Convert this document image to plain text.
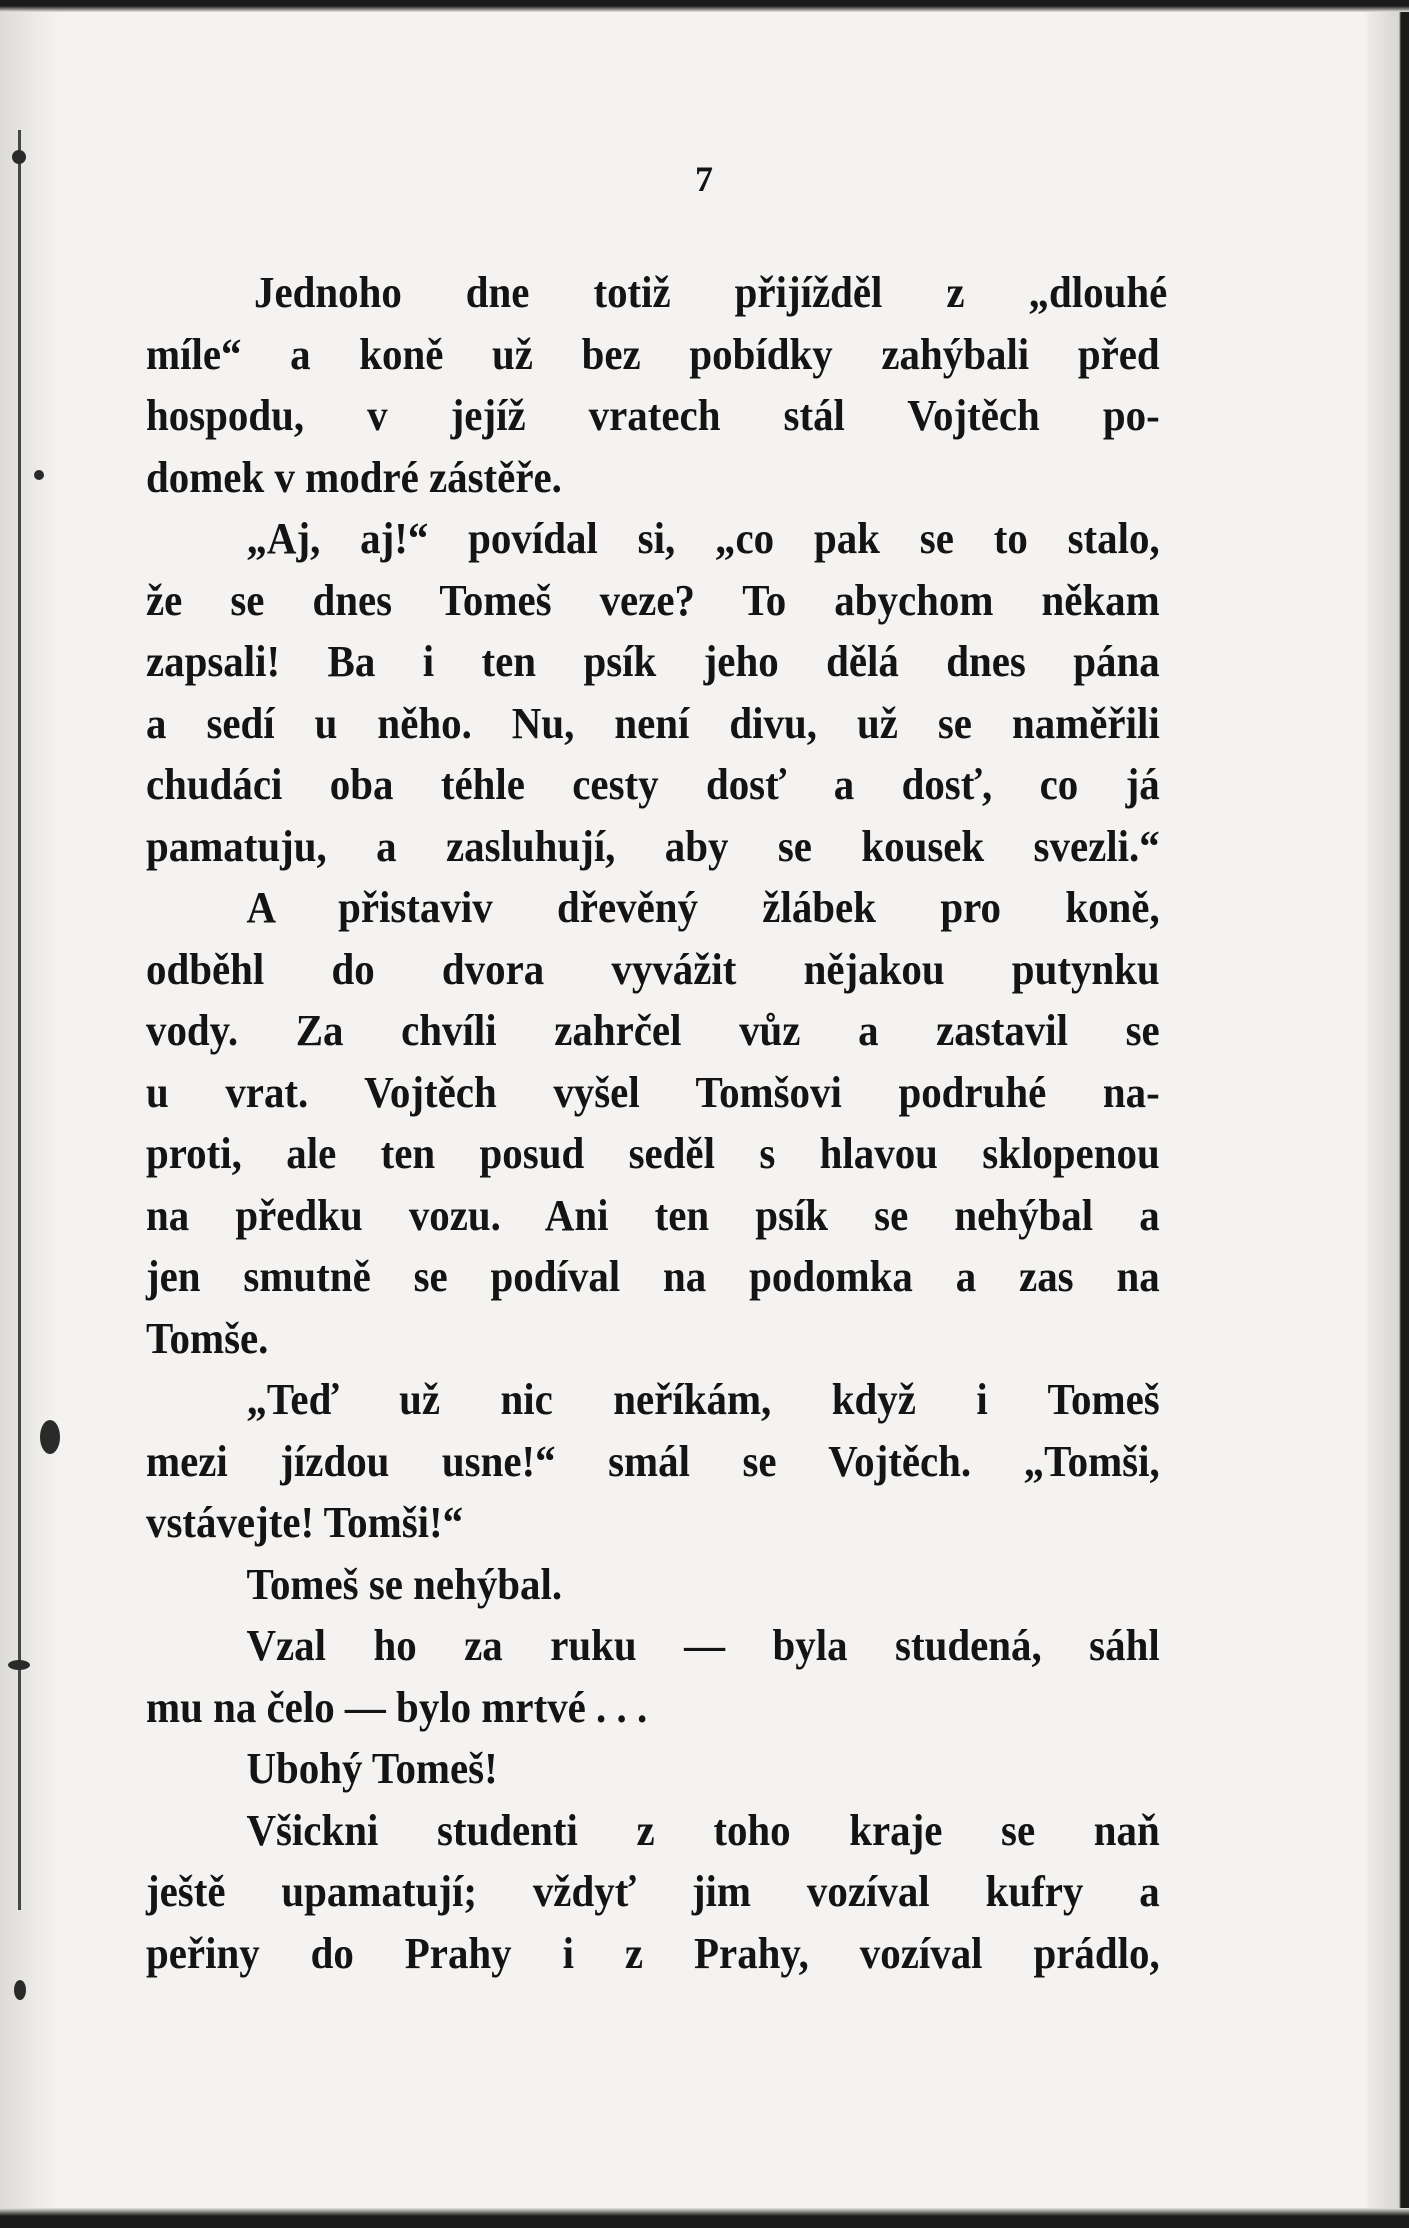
7
Jednoho dne totiž přijížděl z „dlouhé
míle“ a koně už bez pobídky zahýbali před
hospodu, v jejíž vratech stál Vojtěch po-
domek v modré zástěře.
„Aj, aj!“ povídal si, „co pak se to stalo,
že se dnes Tomeš veze? To abychom někam
zapsali! Ba i ten psík jeho dělá dnes pána
a sedí u něho. Nu, není divu, už se naměřili
chudáci oba téhle cesty dosť a dosť, co já
pamatuju, a zasluhují, aby se kousek svezli.“
A přistaviv dřevěný žlábek pro koně,
odběhl do dvora vyvážit nějakou putynku
vody. Za chvíli zahrčel vůz a zastavil se
u vrat. Vojtěch vyšel Tomšovi podruhé na-
proti, ale ten posud seděl s hlavou sklopenou
na předku vozu. Ani ten psík se nehýbal a
jen smutně se podíval na podomka a zas na
Tomše.
„Teď už nic neříkám, když i Tomeš
mezi jízdou usne!“ smál se Vojtěch. „Tomši,
vstávejte! Tomši!“
Tomeš se nehýbal.
Vzal ho za ruku — byla studená, sáhl
mu na čelo — bylo mrtvé . . .
Ubohý Tomeš!
Všickni studenti z toho kraje se naň
ještě upamatují; vždyť jim vozíval kufry a
peřiny do Prahy i z Prahy, vozíval prádlo,
